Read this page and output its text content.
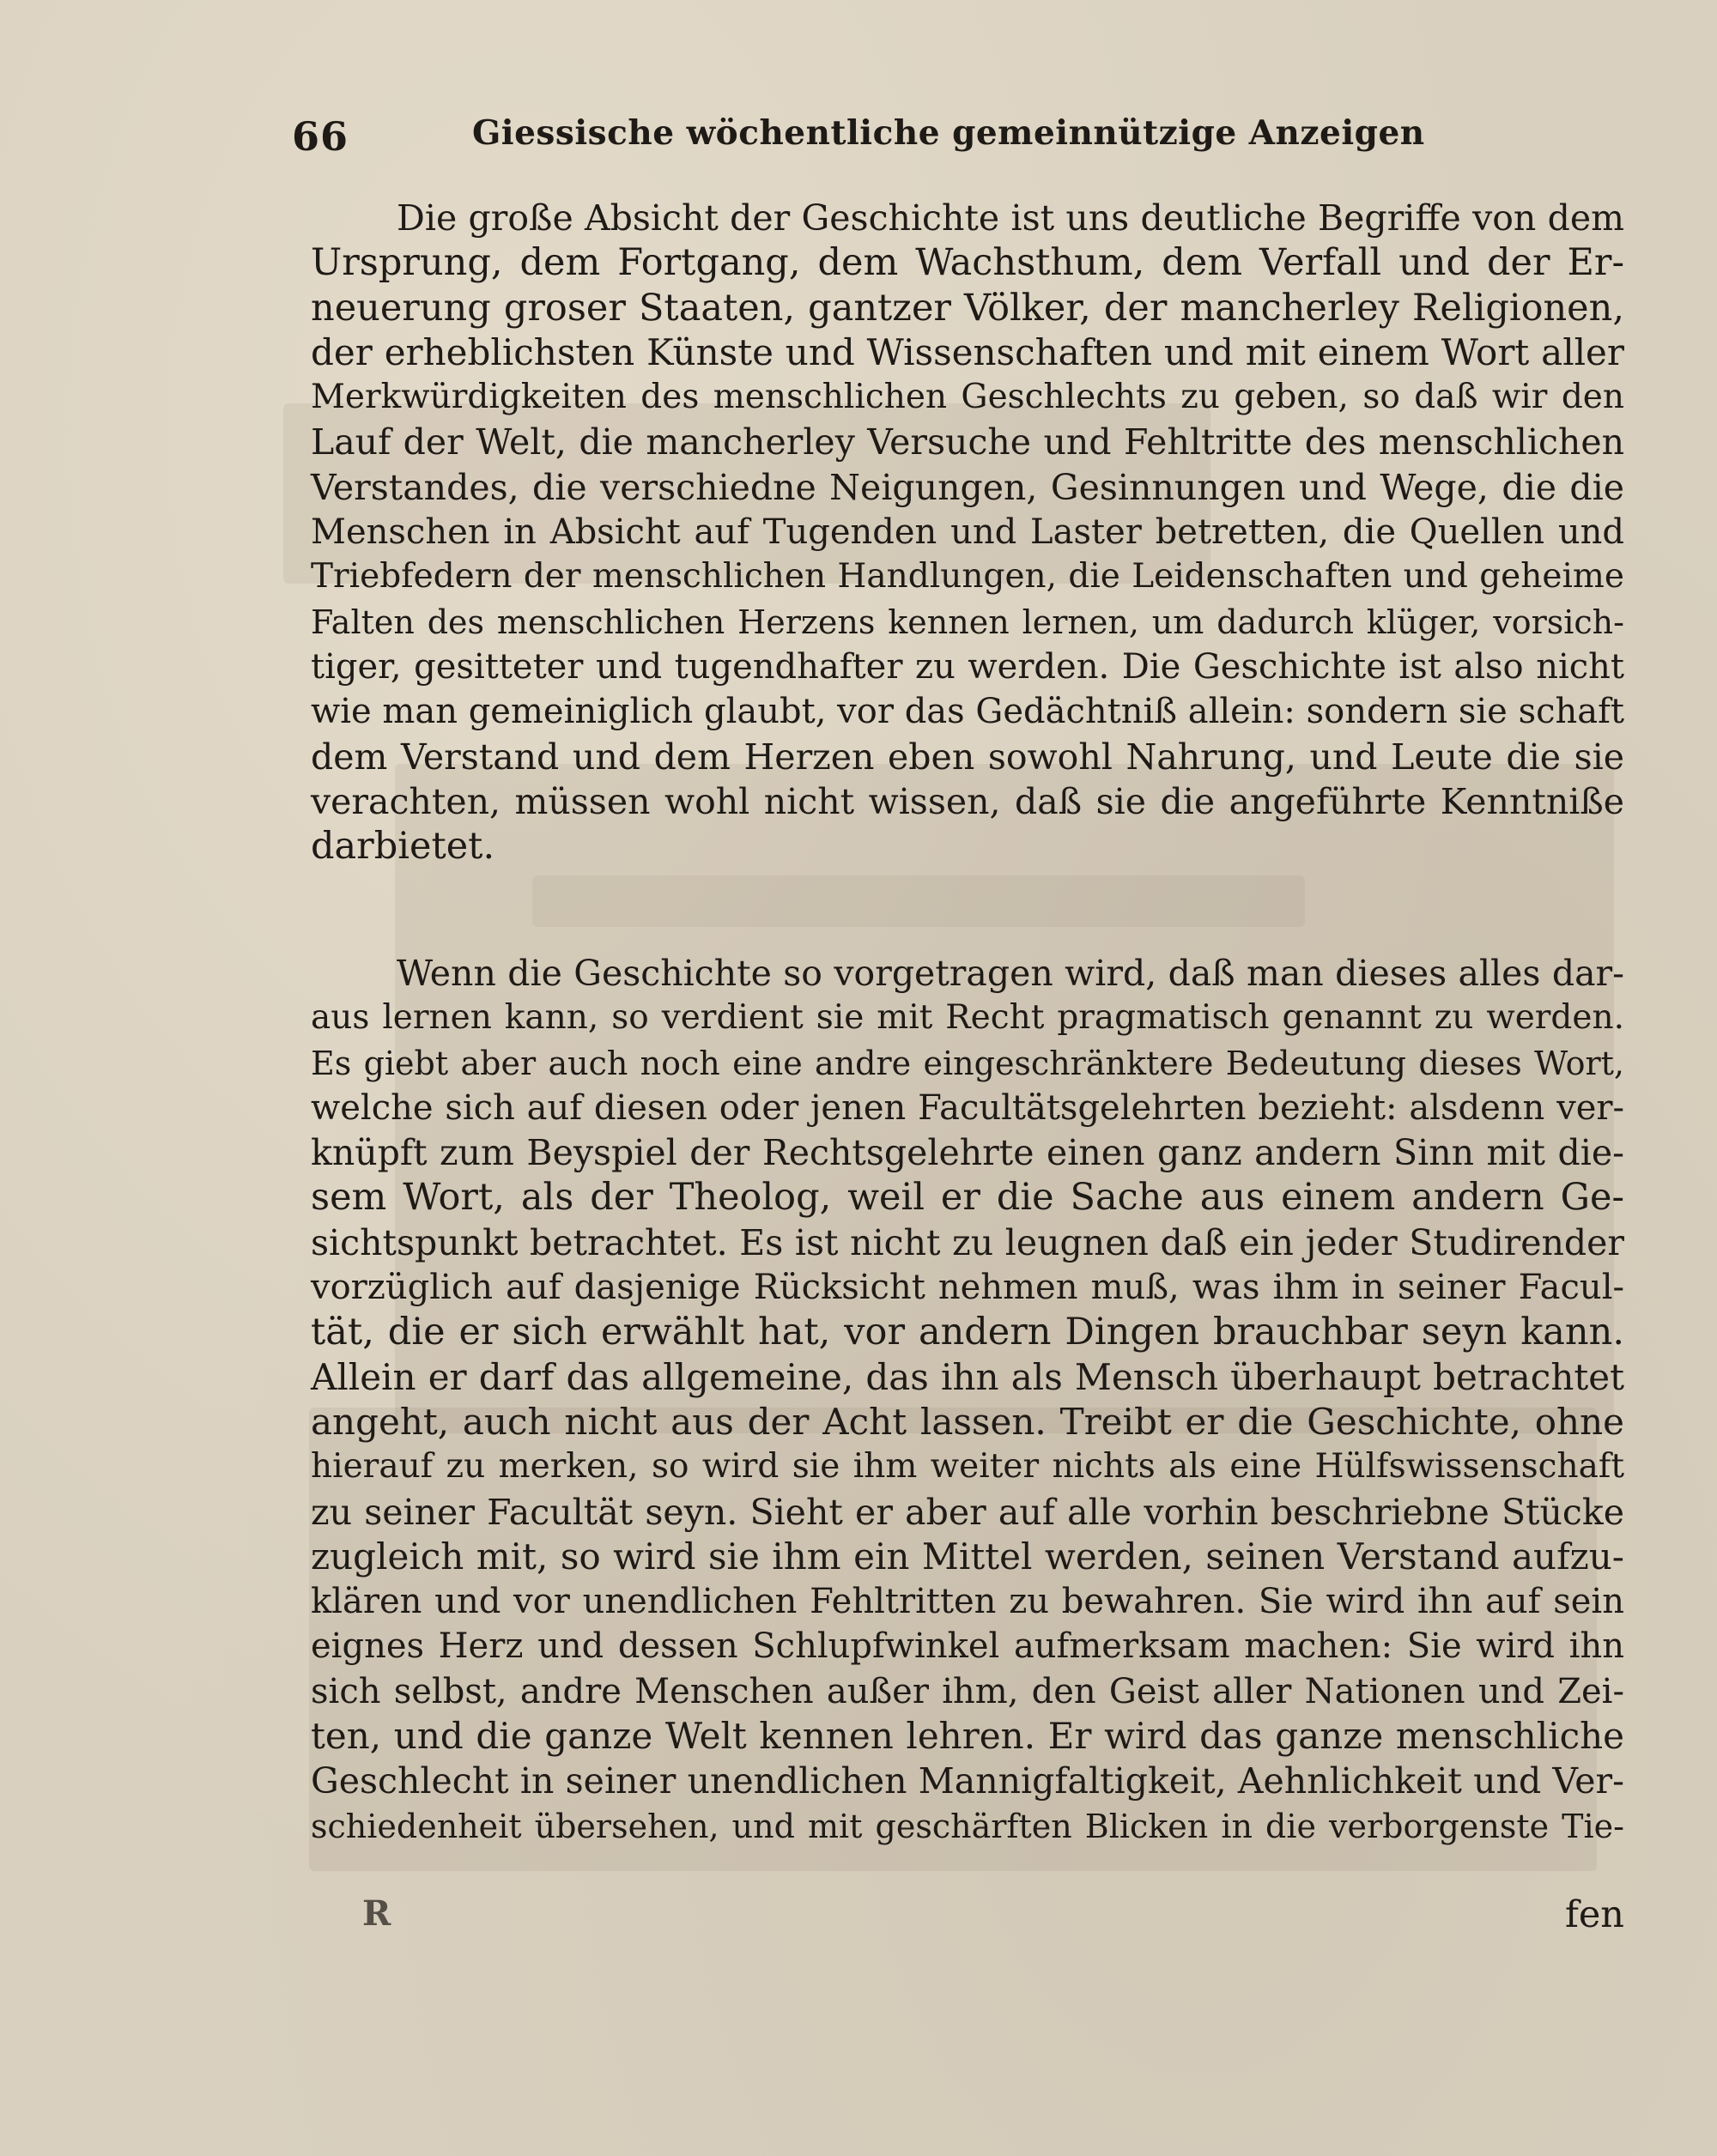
66	Giessische wöchentliche gemeinnützige Anzeigen
Die große Absicht der Geschichte ist uns deutliche Begriffe von dem
Ursprung, dem Fortgang, dem Wachsthum, dem Verfall und der Er-
neuerung groser Staaten, gantzer Völker, der mancherley Religionen,
der erheblichsten Künste und Wissenschaften und mit einem Wort aller
Merkwürdigkeiten des menschlichen Geschlechts zu geben, so daß wir den
Lauf der Welt, die mancherley Versuche und Fehltritte des menschlichen
Verstandes, die verschiedne Neigungen, Gesinnungen und Wege, die die
Menschen in Absicht auf Tugenden und Laster betretten, die Quellen und
Triebfedern der menschlichen Handlungen, die Leidenschaften und geheime
Falten des menschlichen Herzens kennen lernen, um dadurch klüger, vorsich-
tiger, gesitteter und tugendhafter zu werden. Die Geschichte ist also nicht
wie man gemeiniglich glaubt, vor das Gedächtniß allein: sondern sie schaft
dem Verstand und dem Herzen eben sowohl Nahrung, und Leute die sie
verachten, müssen wohl nicht wissen, daß sie die angeführte Kenntniße
darbietet.
Wenn die Geschichte so vorgetragen wird, daß man dieses alles dar-
aus lernen kann, so verdient sie mit Recht pragmatisch genannt zu werden.
Es giebt aber auch noch eine andre eingeschränktere Bedeutung dieses Wort,
welche sich auf diesen oder jenen Facultätsgelehrten bezieht: alsdenn ver-
knüpft zum Beyspiel der Rechtsgelehrte einen ganz andern Sinn mit die-
sem Wort, als der Theolog, weil er die Sache aus einem andern Ge-
sichtspunkt betrachtet. Es ist nicht zu leugnen daß ein jeder Studirender
vorzüglich auf dasjenige Rücksicht nehmen muß, was ihm in seiner Facul-
tät, die er sich erwählt hat, vor andern Dingen brauchbar seyn kann.
Allein er darf das allgemeine, das ihn als Mensch überhaupt betrachtet
angeht, auch nicht aus der Acht lassen. Treibt er die Geschichte, ohne
hierauf zu merken, so wird sie ihm weiter nichts als eine Hülfswissenschaft
zu seiner Facultät seyn. Sieht er aber auf alle vorhin beschriebne Stücke
zugleich mit, so wird sie ihm ein Mittel werden, seinen Verstand aufzu-
klären und vor unendlichen Fehltritten zu bewahren. Sie wird ihn auf sein
eignes Herz und dessen Schlupfwinkel aufmerksam machen: Sie wird ihn
sich selbst, andre Menschen außer ihm, den Geist aller Nationen und Zei-
ten, und die ganze Welt kennen lehren. Er wird das ganze menschliche
Geschlecht in seiner unendlichen Mannigfaltigkeit, Aehnlichkeit und Ver-
schiedenheit übersehen, und mit geschärften Blicken in die verborgenste Tie-
R	fen
